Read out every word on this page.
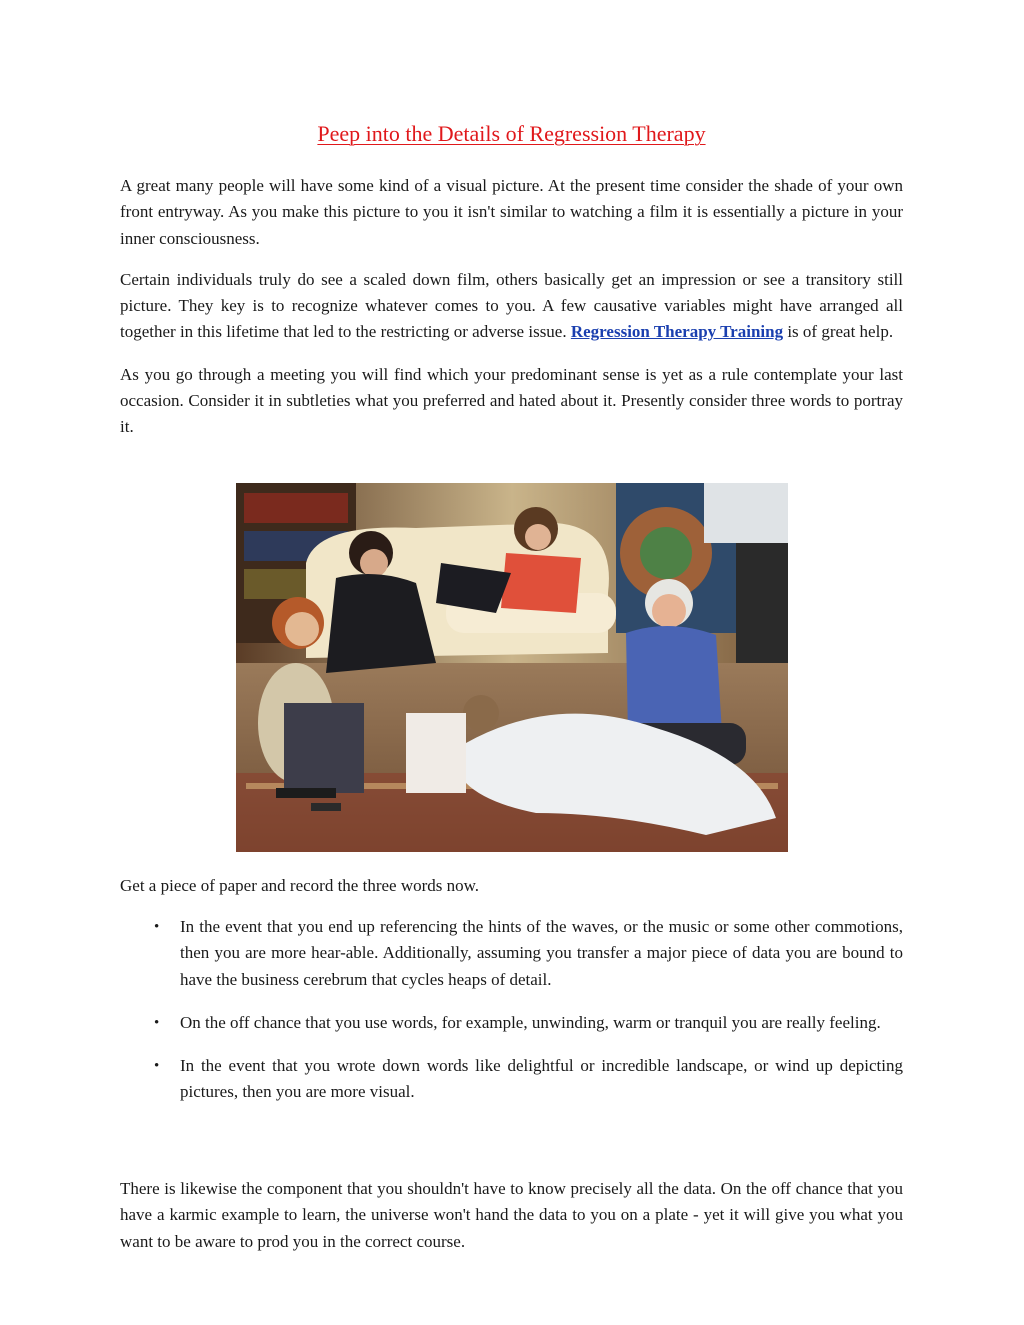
Peep into the Details of Regression Therapy

A great many people will have some kind of a visual picture. At the present time consider the shade of your own front entryway. As you make this picture to you it isn't similar to watching a film it is essentially a picture in your inner consciousness.

Certain individuals truly do see a scaled down film, others basically get an impression or see a transitory still picture. They key is to recognize whatever comes to you. A few causative variables might have arranged all together in this lifetime that led to the restricting or adverse issue. Regression Therapy Training is of great help.

As you go through a meeting you will find which your predominant sense is yet as a rule contemplate your last occasion. Consider it in subtleties what you preferred and hated about it. Presently consider three words to portray it.

Get a piece of paper and record the three words now.

• In the event that you end up referencing the hints of the waves, or the music or some other commotions, then you are more hear-able. Additionally, assuming you transfer a major piece of data you are bound to have the business cerebrum that cycles heaps of detail.
• On the off chance that you use words, for example, unwinding, warm or tranquil you are really feeling.
• In the event that you wrote down words like delightful or incredible landscape, or wind up depicting pictures, then you are more visual.

There is likewise the component that you shouldn't have to know precisely all the data. On the off chance that you have a karmic example to learn, the universe won't hand the data to you on a plate - yet it will give you what you want to be aware to prod you in the correct course.
